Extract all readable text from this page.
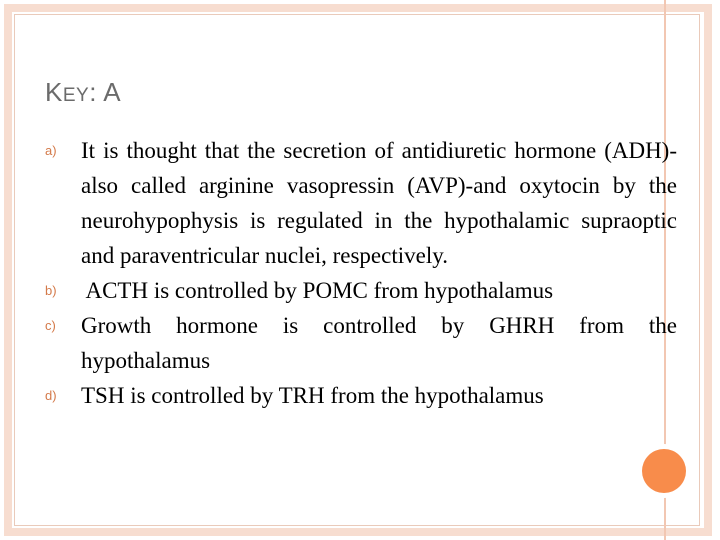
KEY: A
a) It is thought that the secretion of antidiuretic hormone (ADH)-also called arginine vasopressin (AVP)-and oxytocin by the neurohypophysis is regulated in the hypothalamic supraoptic and paraventricular nuclei, respectively.
b) ACTH is controlled by POMC from hypothalamus
c) Growth hormone is controlled by GHRH from the hypothalamus
d) TSH is controlled by TRH from the hypothalamus
